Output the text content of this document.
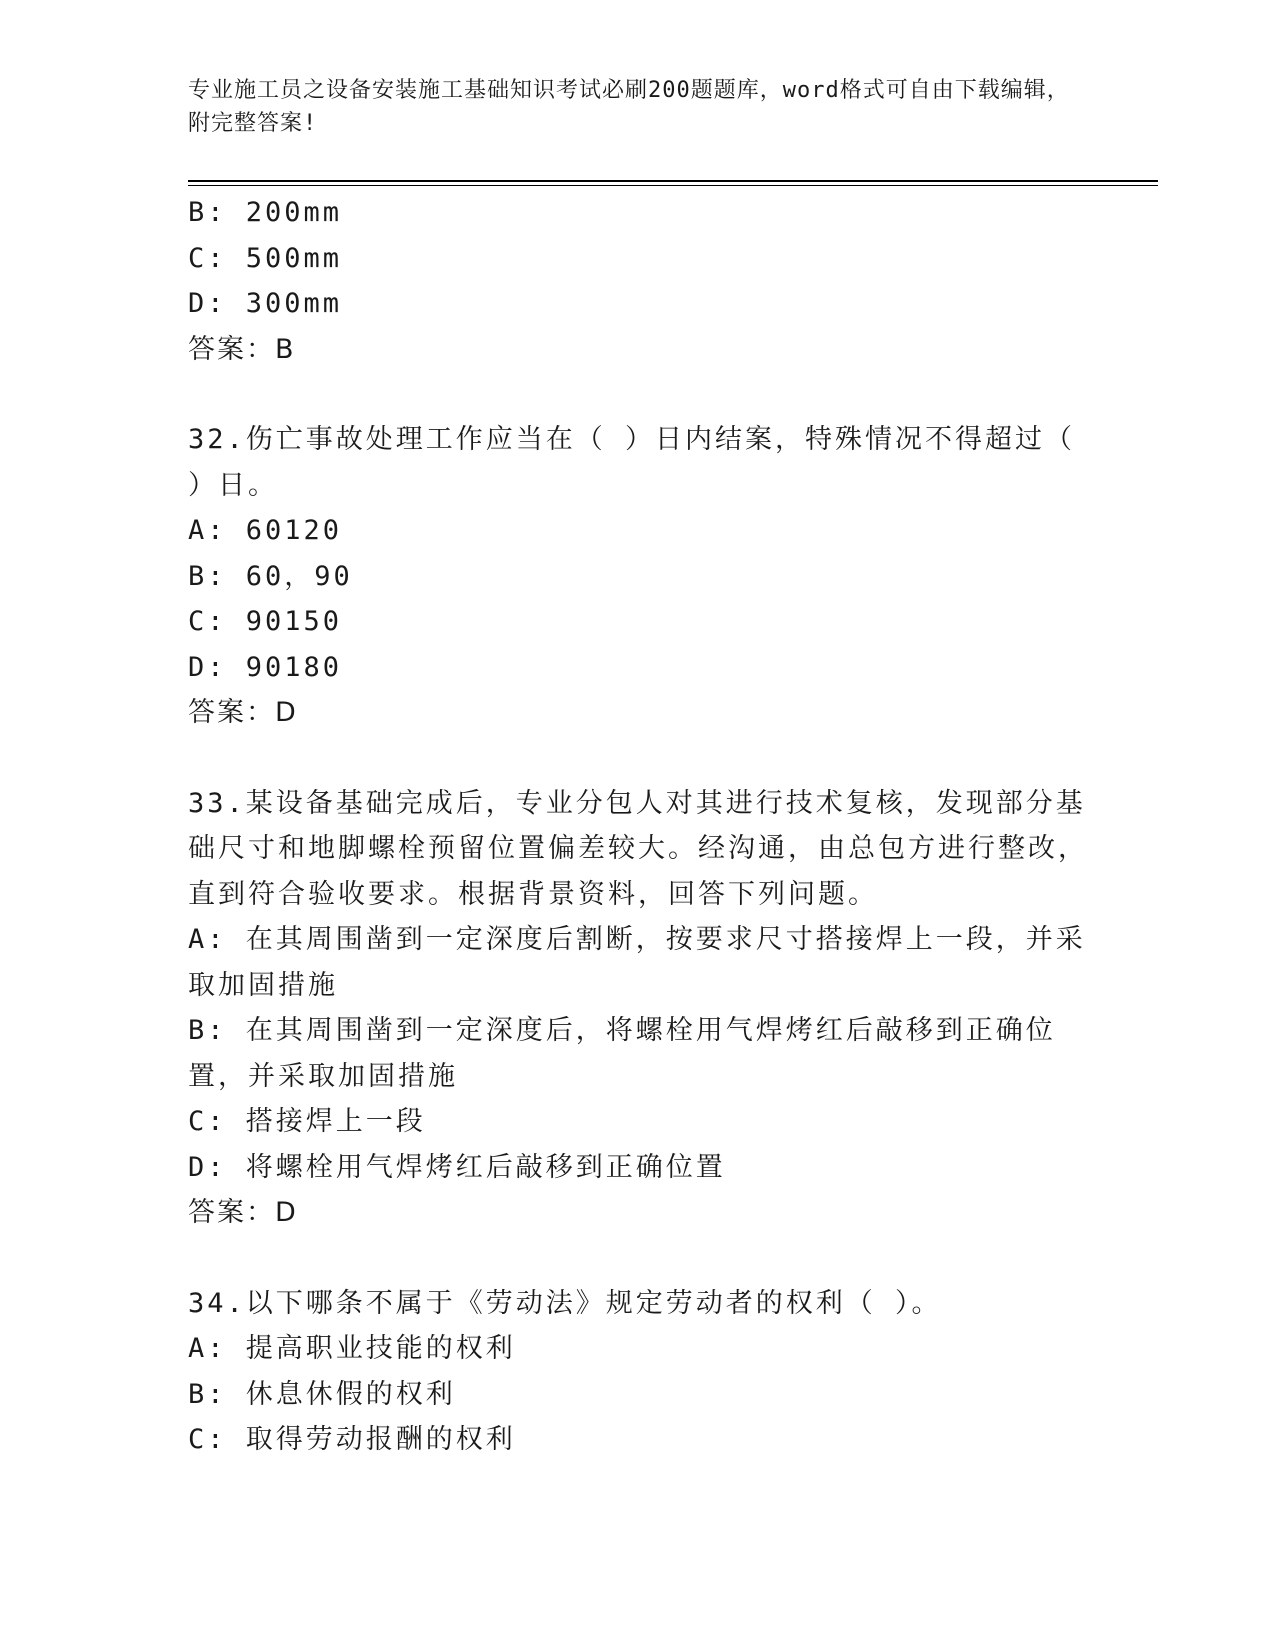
专业施工员之设备安装施工基础知识考试必刷200题题库，word格式可自由下载编辑，附完整答案!
B: 200mm
C: 500mm
D: 300mm
答案：B
32.伤亡事故处理工作应当在（ ）日内结案，特殊情况不得超过（ ）日。
A: 60120
B: 60，90
C: 90150
D: 90180
答案：D
33.某设备基础完成后，专业分包人对其进行技术复核，发现部分基础尺寸和地脚螺栓预留位置偏差较大。经沟通，由总包方进行整改，直到符合验收要求。根据背景资料，回答下列问题。
A: 在其周围凿到一定深度后割断，按要求尺寸搭接焊上一段，并采取加固措施
B: 在其周围凿到一定深度后，将螺栓用气焊烤红后敲移到正确位置，并采取加固措施
C: 搭接焊上一段
D: 将螺栓用气焊烤红后敲移到正确位置
答案：D
34.以下哪条不属于《劳动法》规定劳动者的权利（ ）。
A: 提高职业技能的权利
B: 休息休假的权利
C: 取得劳动报酬的权利
